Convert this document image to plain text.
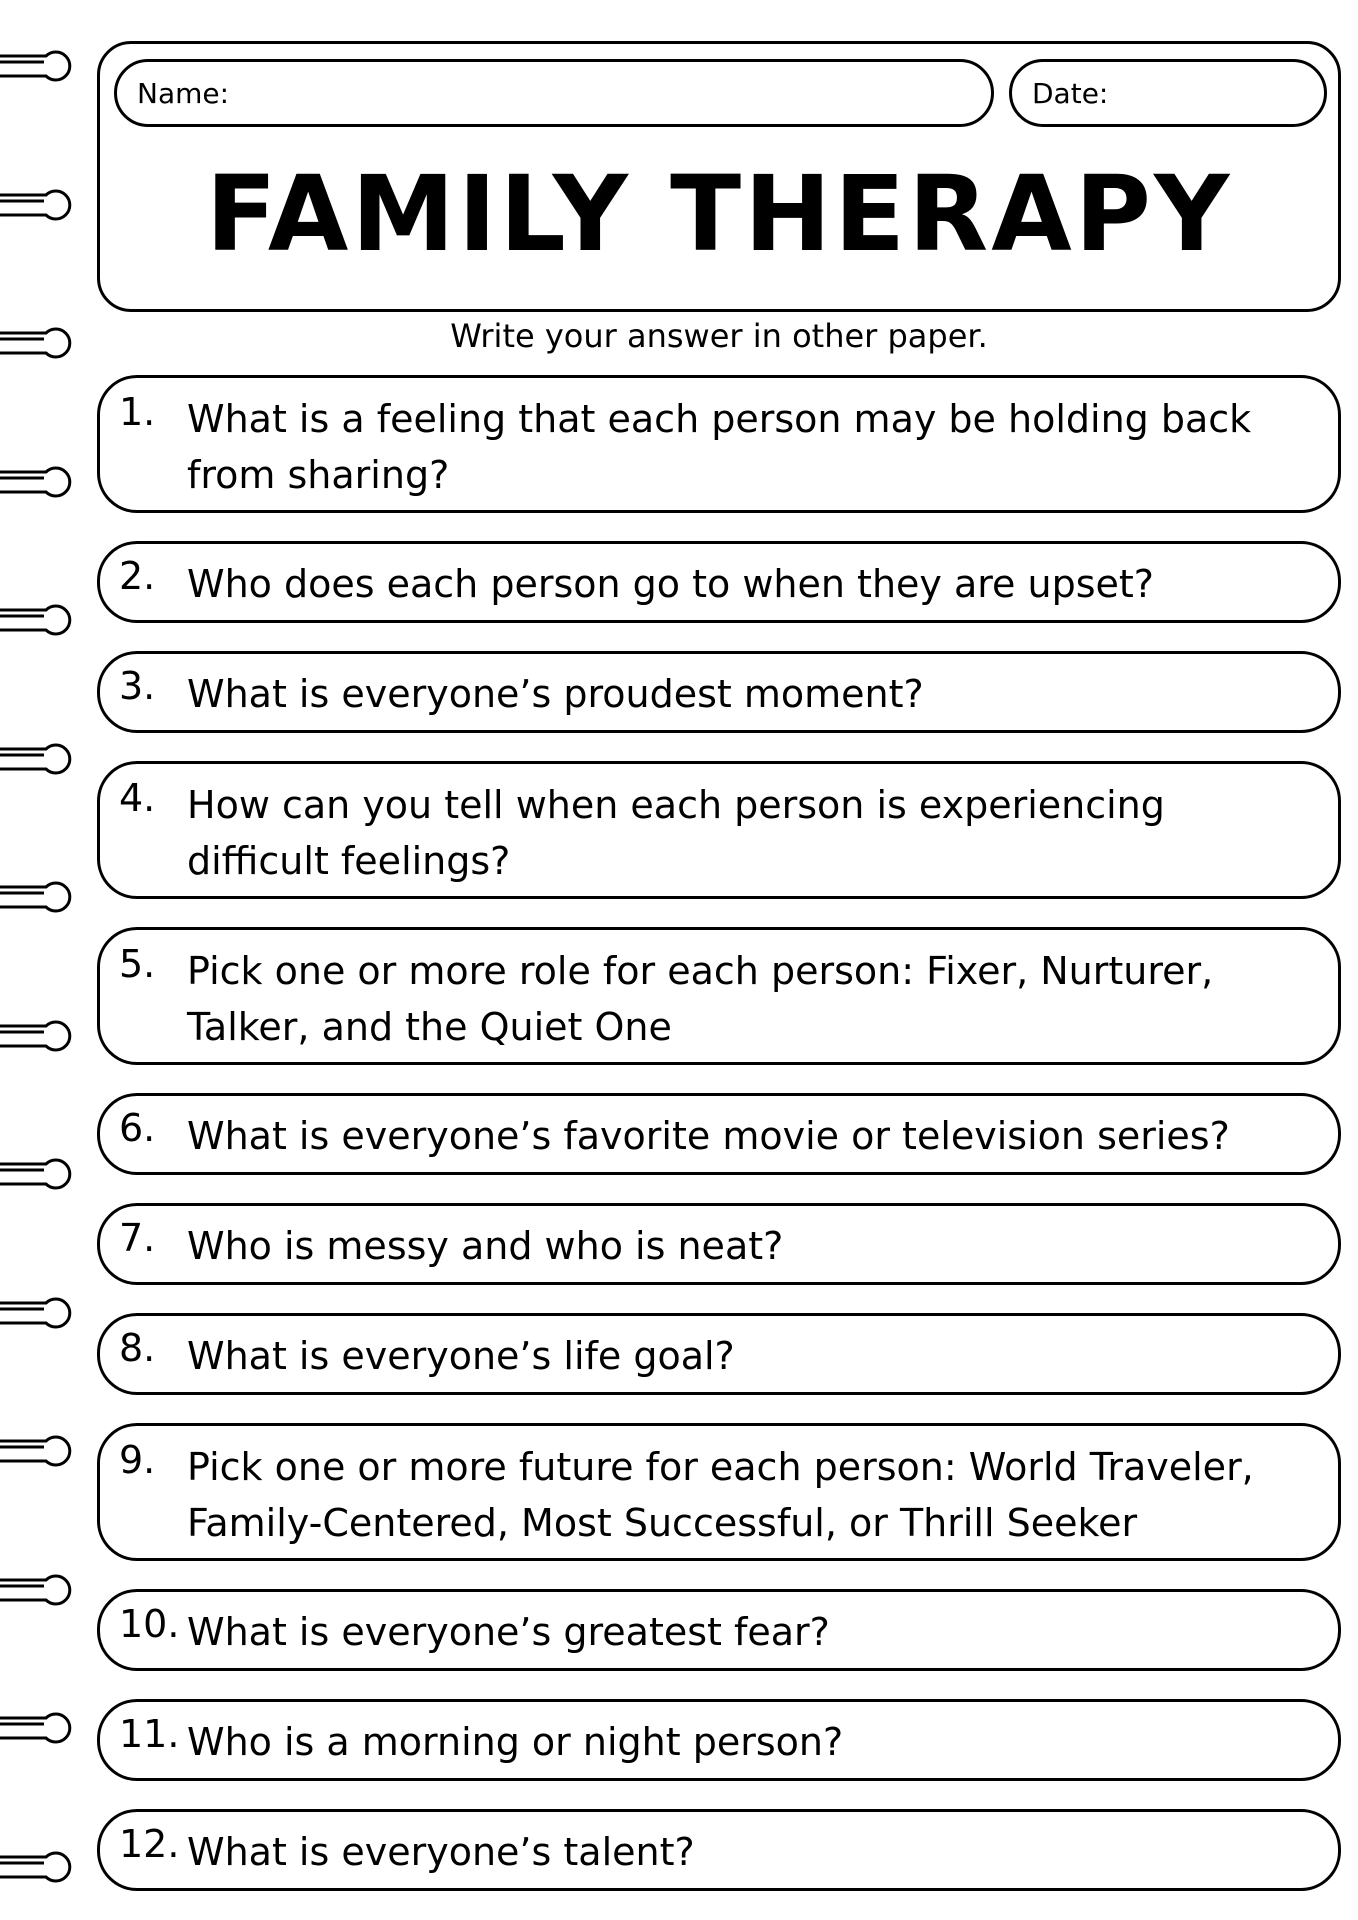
Name:	Date:
FAMILY THERAPY
Write your answer in other paper.
1. What is a feeling that each person may be holding back from sharing?
2. Who does each person go to when they are upset?
3. What is everyone’s proudest moment?
4. How can you tell when each person is experiencing difficult feelings?
5. Pick one or more role for each person: Fixer, Nurturer, Talker, and the Quiet One
6. What is everyone’s favorite movie or television series?
7. Who is messy and who is neat?
8. What is everyone’s life goal?
9. Pick one or more future for each person: World Traveler, Family-Centered, Most Successful, or Thrill Seeker
10. What is everyone’s greatest fear?
11. Who is a morning or night person?
12. What is everyone’s talent?
